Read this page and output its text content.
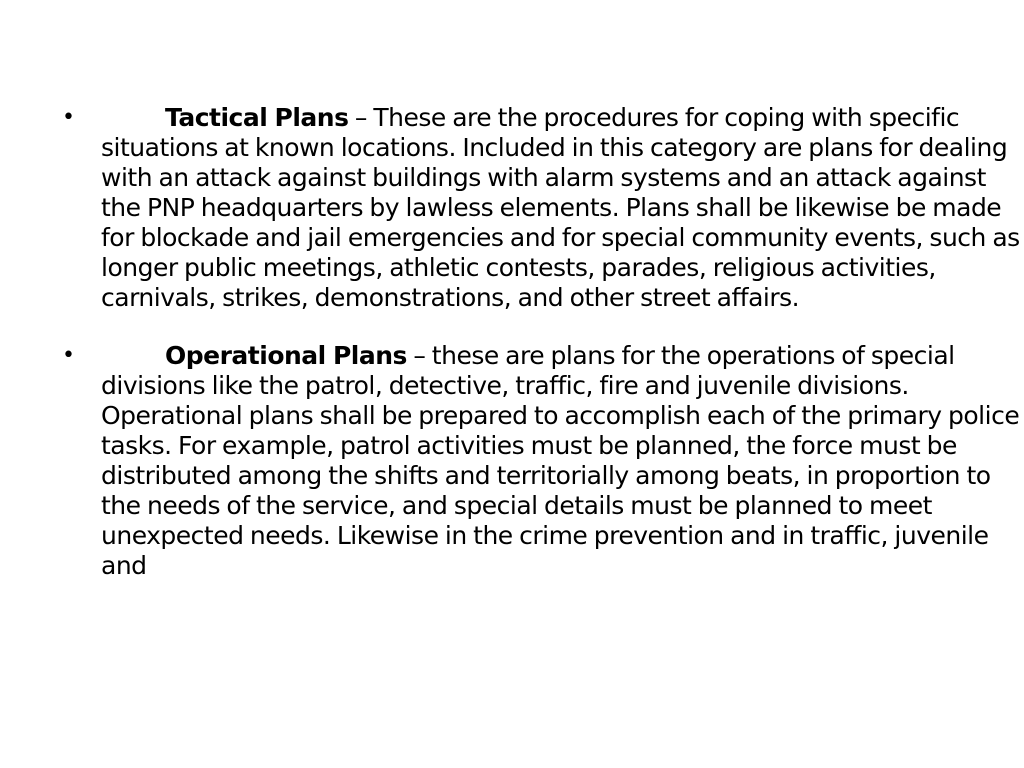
•	Tactical Plans – These are the procedures for coping with specific situations at known locations. Included in this category are plans for dealing with an attack against buildings with alarm systems and an attack against the PNP headquarters by lawless elements. Plans shall be likewise be made for blockade and jail emergencies and for special community events, such as longer public meetings, athletic contests, parades, religious activities, carnivals, strikes, demonstrations, and other street affairs.
•	Operational Plans – these are plans for the operations of special divisions like the patrol, detective, traffic, fire and juvenile divisions. Operational plans shall be prepared to accomplish each of the primary police tasks. For example, patrol activities must be planned, the force must be distributed among the shifts and territorially among beats, in proportion to the needs of the service, and special details must be planned to meet unexpected needs. Likewise in the crime prevention and in traffic, juvenile and
